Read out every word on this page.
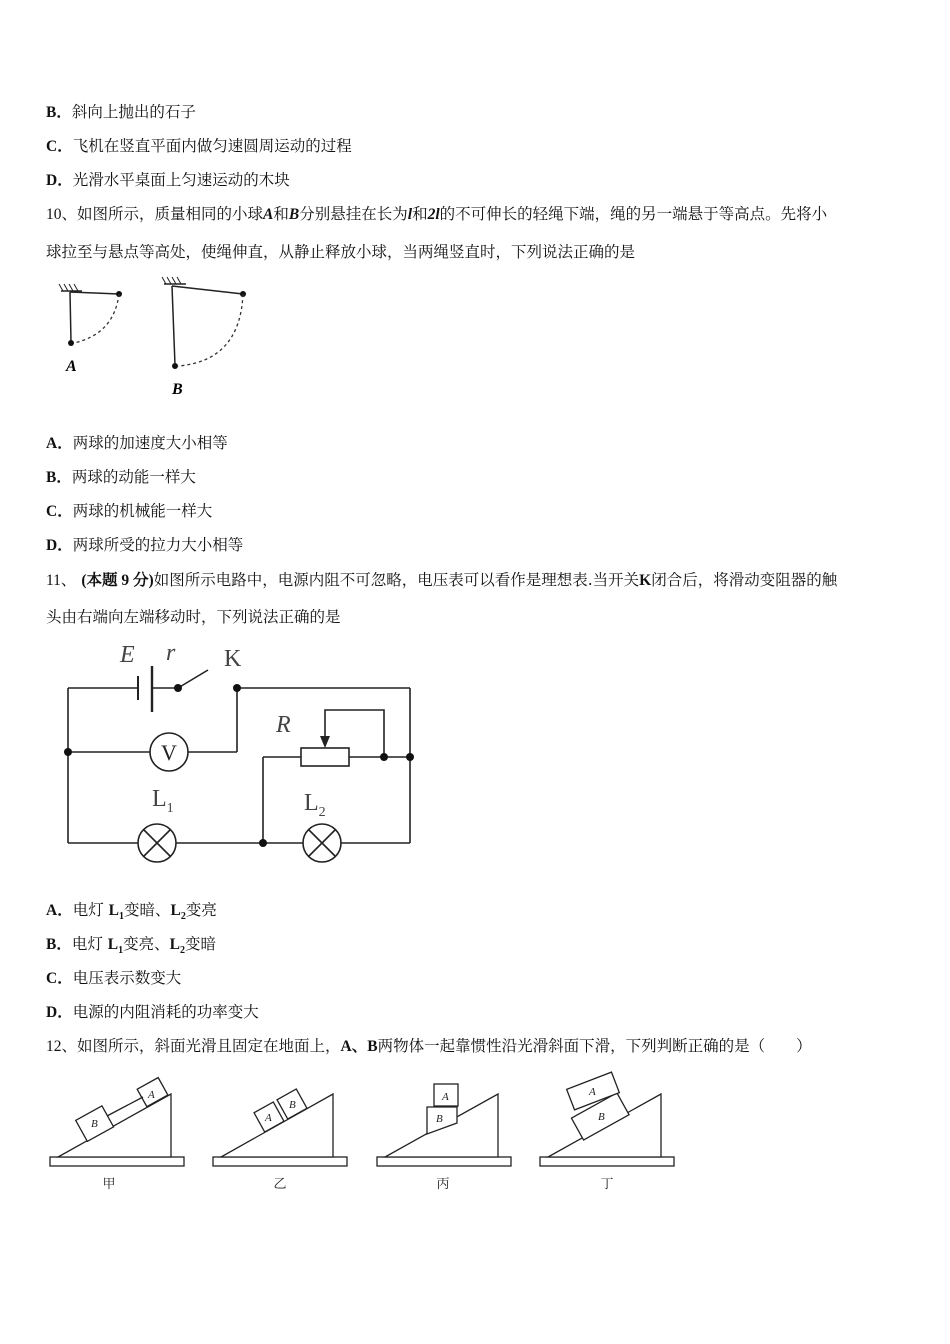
B．斜向上抛出的石子
C．飞机在竖直平面内做匀速圆周运动的过程
D．光滑水平桌面上匀速运动的木块
10、如图所示，质量相同的小球A和B分别悬挂在长为l和2l的不可伸长的轻绳下端，绳的另一端悬于等高点。先将小
球拉至与悬点等高处，使绳伸直，从静止释放小球，当两绳竖直时，下列说法正确的是
A
B
A．两球的加速度大小相等
B．两球的动能一样大
C．两球的机械能一样大
D．两球所受的拉力大小相等
11、 (本题 9 分)如图所示电路中，电源内阻不可忽略，电压表可以看作是理想表.当开关K闭合后，将滑动变阻器的触
头由右端向左端移动时，下列说法正确的是
V
E r K
R
$L_1$	$L_2$
A．电灯 $L_1$变暗、$L_2$变亮
B．电灯 $L_1$变亮、$L_2$变暗
C．电压表示数变大
D．电源的内阻消耗的功率变大
12、如图所示，斜面光滑且固定在地面上，A、B两物体一起靠惯性沿光滑斜面下滑，下列判断正确的是（　　）
B
A
甲
A
B
乙
A
B
丙
B
A
丁
